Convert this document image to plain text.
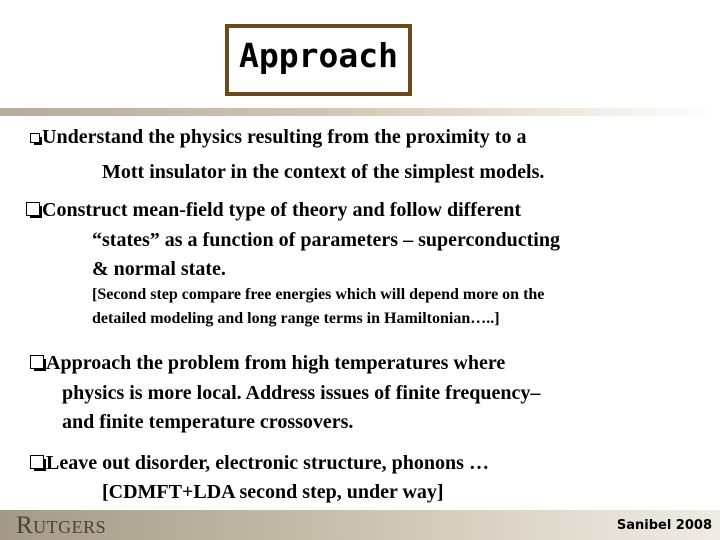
Approach
Understand the physics resulting from the proximity to a
Mott insulator in the context of the simplest models.
Construct mean-field type of theory and follow different
“states” as a function of parameters – superconducting
& normal state.
[Second step compare free energies which will depend more on the
detailed modeling and long range terms in Hamiltonian…..]
Approach the problem from high temperatures where
physics is more local. Address issues of finite frequency–
and finite temperature crossovers.
Leave out disorder, electronic structure, phonons …
[CDMFT+LDA second step, under way]
Rutgers	Sanibel 2008
